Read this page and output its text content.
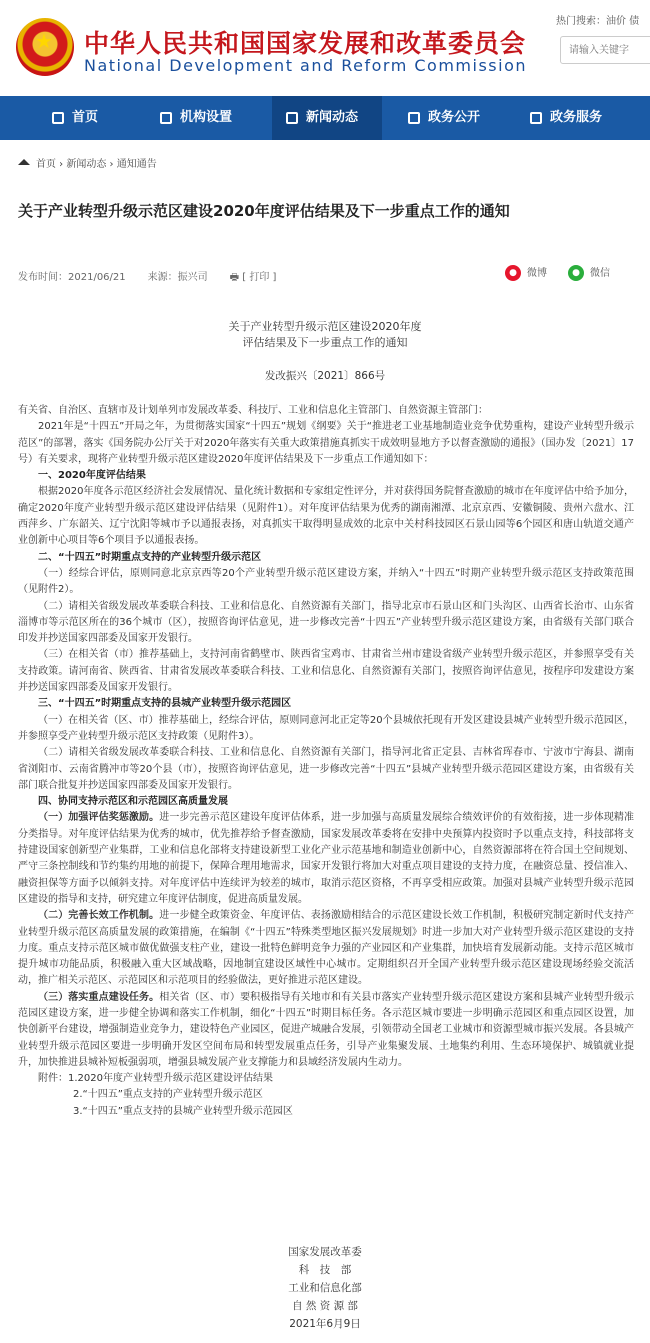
★ 中华人民共和国国家发展和改革委员会
National Development and Reform Commission
热门搜索：油价 债
请输入关键字
首页	机构设置	新闻动态	政务公开	政务服务
首页 › 新闻动态 › 通知通告
关于产业转型升级示范区建设2020年度评估结果及下一步重点工作的通知
发布时间：2021/06/21 来源：振兴司 🖶 [ 打印 ]	● 微博	● 微信
关于产业转型升级示范区建设2020年度
评估结果及下一步重点工作的通知
发改振兴〔2021〕866号

有关省、自治区、直辖市及计划单列市发展改革委、科技厅、工业和信息化主管部门、自然资源主管部门：

2021年是“十四五”开局之年，为贯彻落实国家“十四五”规划《纲要》关于“推进老工业基地制造业竞争优势重构，建设产业转型升级示范区”的部署，落实《国务院办公厅关于对2020年落实有关重大政策措施真抓实干成效明显地方予以督查激励的通报》（国办发〔2021〕17号）有关要求，现将产业转型升级示范区建设2020年度评估结果及下一步重点工作通知如下：

一、2020年度评估结果

根据2020年度各示范区经济社会发展情况、量化统计数据和专家组定性评分，并对获得国务院督查激励的城市在年度评估中给予加分，确定2020年度产业转型升级示范区建设评估结果（见附件1）。对年度评估结果为优秀的湖南湘潭、北京京西、安徽铜陵、贵州六盘水、江西萍乡、广东韶关、辽宁沈阳等城市予以通报表扬，对真抓实干取得明显成效的北京中关村科技园区石景山园等6个园区和唐山轨道交通产业创新中心项目等6个项目予以通报表扬。

二、“十四五”时期重点支持的产业转型升级示范区

（一）经综合评估，原则同意北京京西等20个产业转型升级示范区建设方案，并纳入“十四五”时期产业转型升级示范区支持政策范围（见附件2）。

（二）请相关省级发展改革委联合科技、工业和信息化、自然资源有关部门，指导北京市石景山区和门头沟区、山西省长治市、山东省淄博市等示范区所在的36个城市（区），按照咨询评估意见，进一步修改完善“十四五”产业转型升级示范区建设方案，由省级有关部门联合印发并抄送国家四部委及国家开发银行。

（三）在相关省（市）推荐基础上，支持河南省鹤壁市、陕西省宝鸡市、甘肃省兰州市建设省级产业转型升级示范区，并参照享受有关支持政策。请河南省、陕西省、甘肃省发展改革委联合科技、工业和信息化、自然资源有关部门，按照咨询评估意见，按程序印发建设方案并抄送国家四部委及国家开发银行。

三、“十四五”时期重点支持的县城产业转型升级示范园区

（一）在相关省（区、市）推荐基础上，经综合评估，原则同意河北正定等20个县城依托现有开发区建设县城产业转型升级示范园区，并参照享受产业转型升级示范区支持政策（见附件3）。

（二）请相关省级发展改革委联合科技、工业和信息化、自然资源有关部门，指导河北省正定县、吉林省珲春市、宁波市宁海县、湖南省浏阳市、云南省腾冲市等20个县（市），按照咨询评估意见，进一步修改完善“十四五”县城产业转型升级示范园区建设方案，由省级有关部门联合批复并抄送国家四部委及国家开发银行。

四、协同支持示范区和示范园区高质量发展

（一）加强评估奖惩激励。进一步完善示范区建设年度评估体系，进一步加强与高质量发展综合绩效评价的有效衔接，进一步体现精准分类指导。对年度评估结果为优秀的城市，优先推荐给予督查激励，国家发展改革委将在安排中央预算内投资时予以重点支持，科技部将支持建设国家创新型产业集群，工业和信息化部将支持建设新型工业化产业示范基地和制造业创新中心，自然资源部将在符合国土空间规划、严守三条控制线和节约集约用地的前提下，保障合理用地需求，国家开发银行将加大对重点项目建设的支持力度，在融资总量、授信准入、融资担保等方面予以倾斜支持。对年度评估中连续评为较差的城市，取消示范区资格，不再享受相应政策。加强对县城产业转型升级示范园区建设的指导和支持，研究建立年度评估制度，促进高质量发展。

（二）完善长效工作机制。进一步健全政策资金、年度评估、表扬激励相结合的示范区建设长效工作机制，积极研究制定新时代支持产业转型升级示范区高质量发展的政策措施，在编制《“十四五”特殊类型地区振兴发展规划》时进一步加大对产业转型升级示范区建设的支持力度。重点支持示范区城市做优做强支柱产业，建设一批特色鲜明竞争力强的产业园区和产业集群，加快培育发展新动能。支持示范区城市提升城市功能品质，积极融入重大区域战略，因地制宜建设区域性中心城市。定期组织召开全国产业转型升级示范区建设现场经验交流活动，推广相关示范区、示范园区和示范项目的经验做法，更好推进示范区建设。

（三）落实重点建设任务。相关省（区、市）要积极指导有关地市和有关县市落实产业转型升级示范区建设方案和县城产业转型升级示范园区建设方案，进一步健全协调和落实工作机制，细化“十四五”时期目标任务。各示范区城市要进一步明确示范园区和重点园区设置，加快创新平台建设，增强制造业竞争力，建设特色产业园区，促进产城融合发展，引领带动全国老工业城市和资源型城市振兴发展。各县城产业转型升级示范园区要进一步明确开发区空间布局和转型发展重点任务，引导产业集聚发展、土地集约利用、生态环境保护、城镇就业提升，加快推进县城补短板强弱项，增强县城发展产业支撑能力和县域经济发展内生动力。

附件：1.2020年度产业转型升级示范区建设评估结果

2.“十四五”重点支持的产业转型升级示范区

3.“十四五”重点支持的县城产业转型升级示范园区

国家发展改革委
科　技　部
工业和信息化部
自 然 资 源 部
2021年6月9日
